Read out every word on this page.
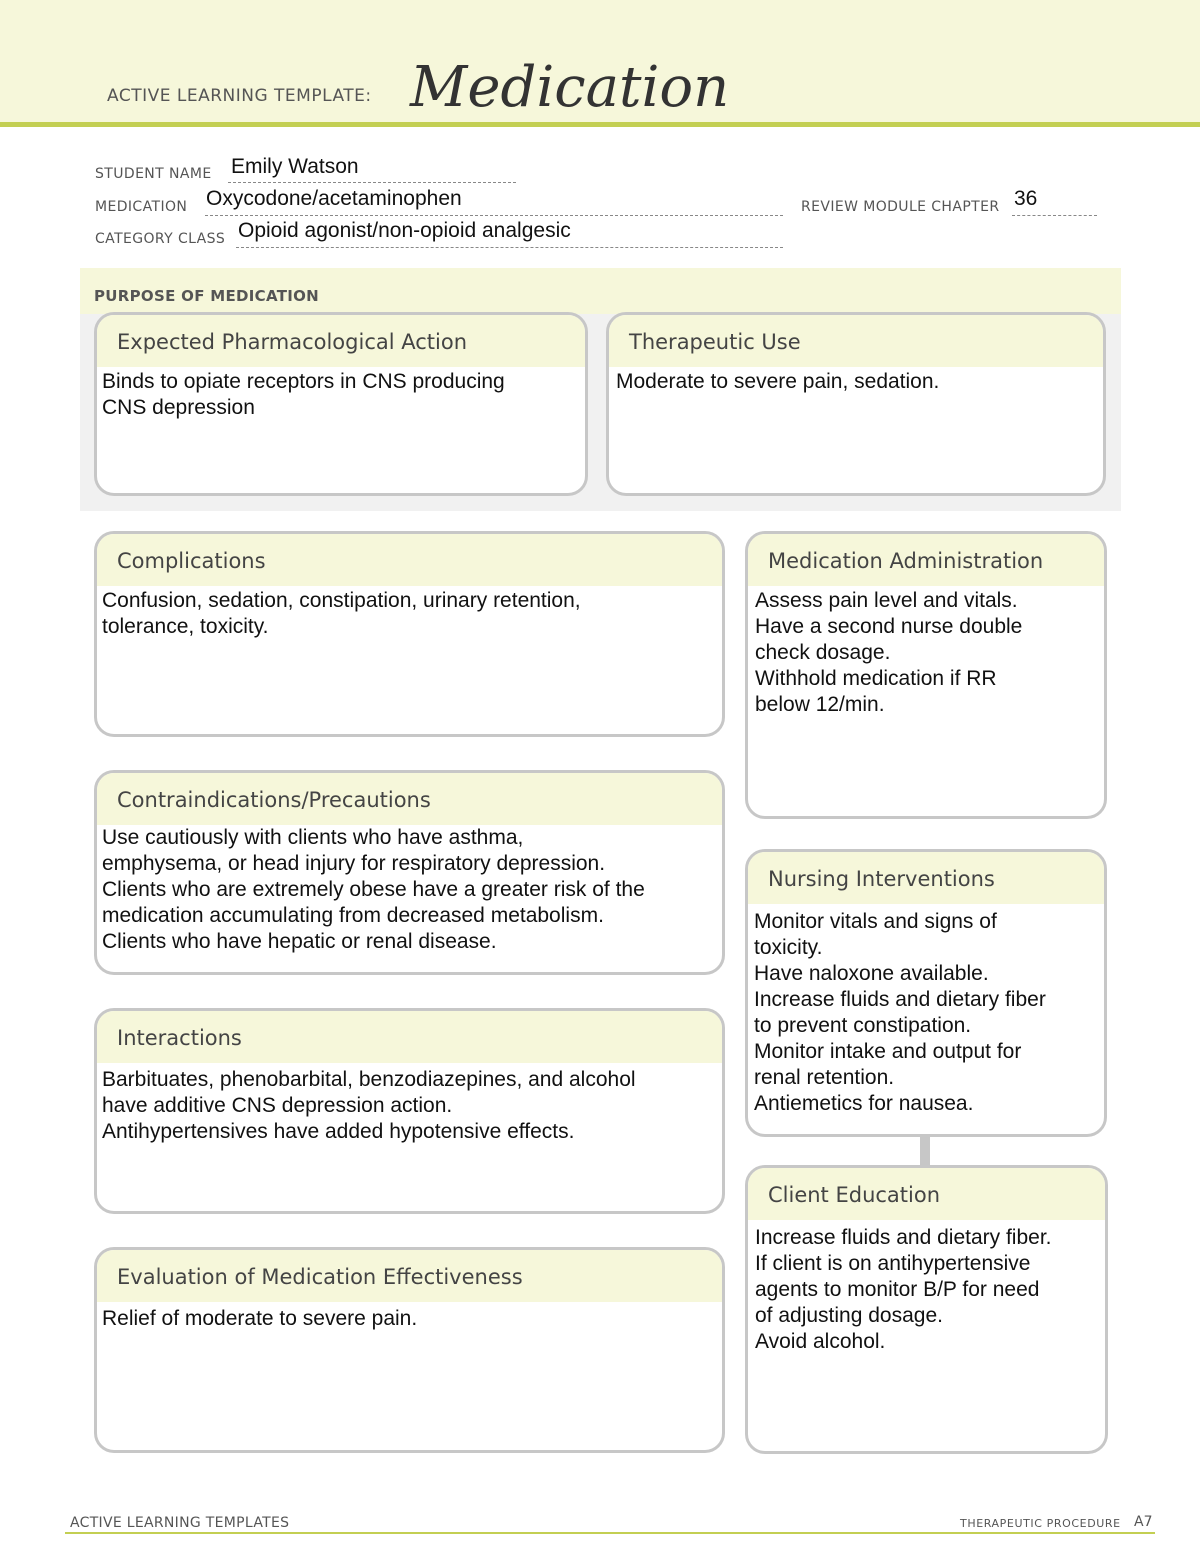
ACTIVE LEARNING TEMPLATE: Medication
STUDENT NAME Emily Watson
MEDICATION Oxycodone/acetaminophen	REVIEW MODULE CHAPTER 36
CATEGORY CLASS Opioid agonist/non-opioid analgesic
PURPOSE OF MEDICATION
Expected Pharmacological Action
Binds to opiate receptors in CNS producing
CNS depression
Therapeutic Use
Moderate to severe pain, sedation.
Complications
Confusion, sedation, constipation, urinary retention,
tolerance, toxicity.
Contraindications/Precautions
Use cautiously with clients who have asthma,
emphysema, or head injury for respiratory depression.
Clients who are extremely obese have a greater risk of the
medication accumulating from decreased metabolism.
Clients who have hepatic or renal disease.
Interactions
Barbituates, phenobarbital, benzodiazepines, and alcohol
have additive CNS depression action.
Antihypertensives have added hypotensive effects.
Evaluation of Medication Effectiveness
Relief of moderate to severe pain.
Medication Administration
Assess pain level and vitals.
Have a second nurse double
check dosage.
Withhold medication if RR
below 12/min.
Nursing Interventions
Monitor vitals and signs of
toxicity.
Have naloxone available.
Increase fluids and dietary fiber
to prevent constipation.
Monitor intake and output for
renal retention.
Antiemetics for nausea.
Client Education
Increase fluids and dietary fiber.
If client is on antihypertensive
agents to monitor B/P for need
of adjusting dosage.
Avoid alcohol.
ACTIVE LEARNING TEMPLATES	THERAPEUTIC PROCEDURE A7
